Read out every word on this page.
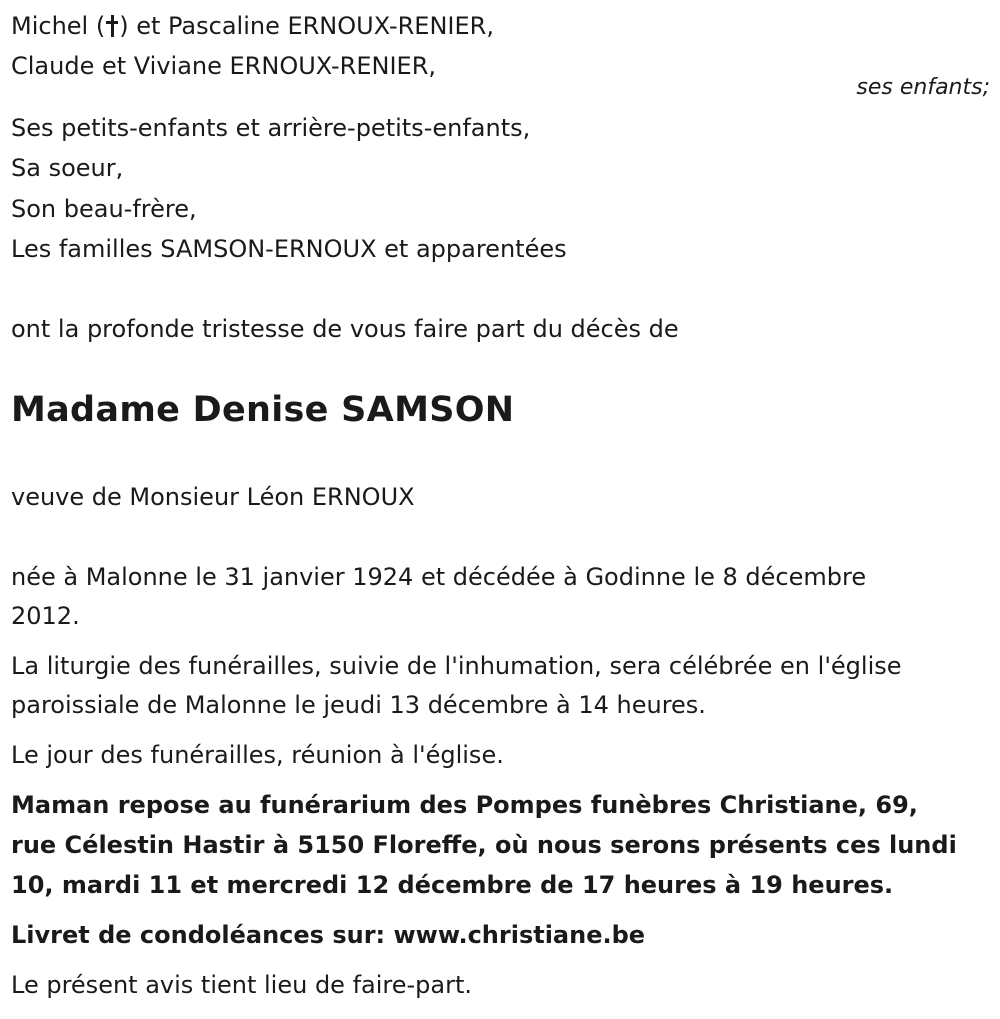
Michel ( ) et Pascaline ERNOUX-RENIER,
Claude et Viviane ERNOUX-RENIER,
ses enfants;
Ses petits-enfants et arrière-petits-enfants,
Sa soeur,
Son beau-frère,
Les familles SAMSON-ERNOUX et apparentées
ont la profonde tristesse de vous faire part du décès de
Madame Denise SAMSON
veuve de Monsieur Léon ERNOUX
née à Malonne le 31 janvier 1924 et décédée à Godinne le 8 décembre
2012.
La liturgie des funérailles, suivie de l'inhumation, sera célébrée en l'église
paroissiale de Malonne le jeudi 13 décembre à 14 heures.
Le jour des funérailles, réunion à l'église.
Maman repose au funérarium des Pompes funèbres Christiane, 69,
rue Célestin Hastir à 5150 Floreffe, où nous serons présents ces lundi
10, mardi 11 et mercredi 12 décembre de 17 heures à 19 heures.
Livret de condoléances sur: www.christiane.be
Le présent avis tient lieu de faire-part.
